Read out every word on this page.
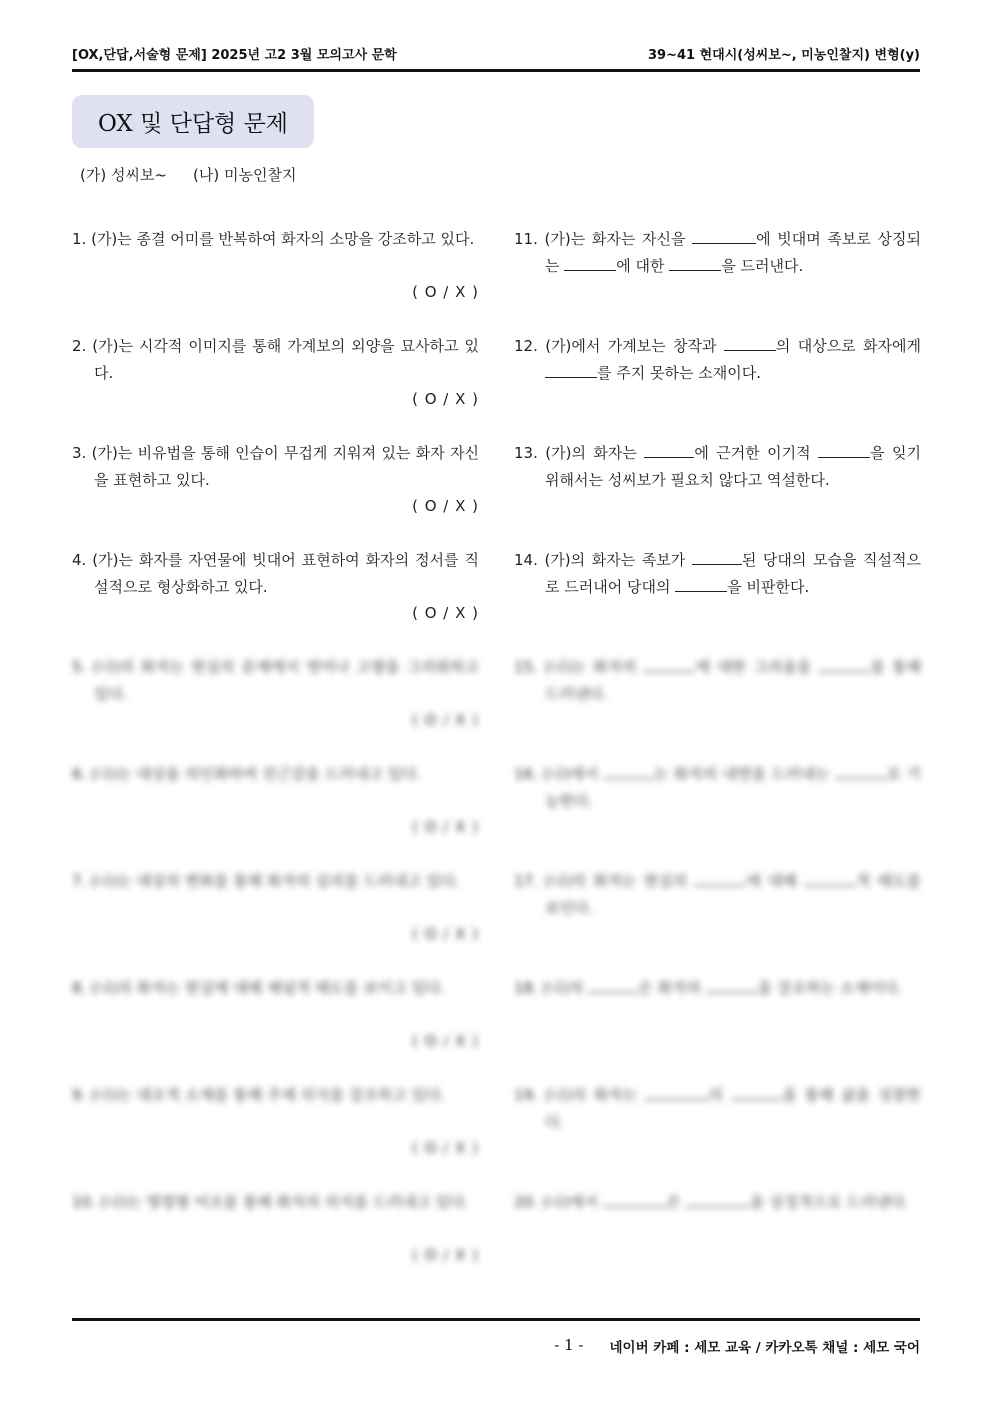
[OX,단답,서술형 문제] 2025년 고2 3월 모의고사 문학	39~41 현대시(성씨보~, 미농인찰지) 변형(y)
OX 및 단답형 문제
(가) 성씨보~ (나) 미농인찰지
1. (가)는 종결 어미를 반복하여 화자의 소망을 강조하고 있다.
( O / X )
2. (가)는 시각적 이미지를 통해 가계보의 외양을 묘사하고 있다.
( O / X )
3. (가)는 비유법을 통해 인습이 무겁게 지워져 있는 화자 자신을 표현하고 있다.
( O / X )
4. (가)는 화자를 자연물에 빗대어 표현하여 화자의 정서를 직설적으로 형상화하고 있다.
( O / X )
5. (나)의 화자는 현실의 문제에서 벗어나 고향을 그리워하고 있다.
( O / X )
6. (나)는 대상을 의인화하여 친근감을 드러내고 있다.
( O / X )
7. (나)는 대상의 변화를 통해 화자의 심리를 드러내고 있다.
( O / X )
8. (나)의 화자는 현실에 대해 체념적 태도를 보이고 있다.
( O / X )
9. (나)는 대조적 소재를 통해 주제 의식을 강조하고 있다.
( O / X )
10. (나)는 명령형 어조를 통해 화자의 의지를 드러내고 있다.
( O / X )
11. (가)는 화자는 자신을	에 빗대며 족보로 상징되는	에 대한	을 드러낸다.
12. (가)에서 가계보는 창작과	의 대상으로 화자에게 를 주지 못하는 소재이다.
13. (가)의 화자는	에 근거한 이기적	을 잊기 위해서는 성씨보가 필요치 않다고 역설한다.
14. (가)의 화자는 족보가	된 당대의 모습을 직설적으로 드러내어 당대의	을 비판한다.
15. (나)는 화자의	에 대한 그리움을	를 통해 드러낸다.
16. (나)에서	는 화자의 내면을 드러내는	로 기능한다.
17. (나)의 화자는 현실의	에 대해	적 태도를 보인다.
18. (나)의	은 화자의	을 강조하는 소재이다.
19. (나)의 화자는	의	을 통해 삶을 성찰한다.
20. (나)에서	은	을 상징적으로 드러낸다.
- 1 - 네이버 카페 : 세모 교육 / 카카오톡 채널 : 세모 국어
